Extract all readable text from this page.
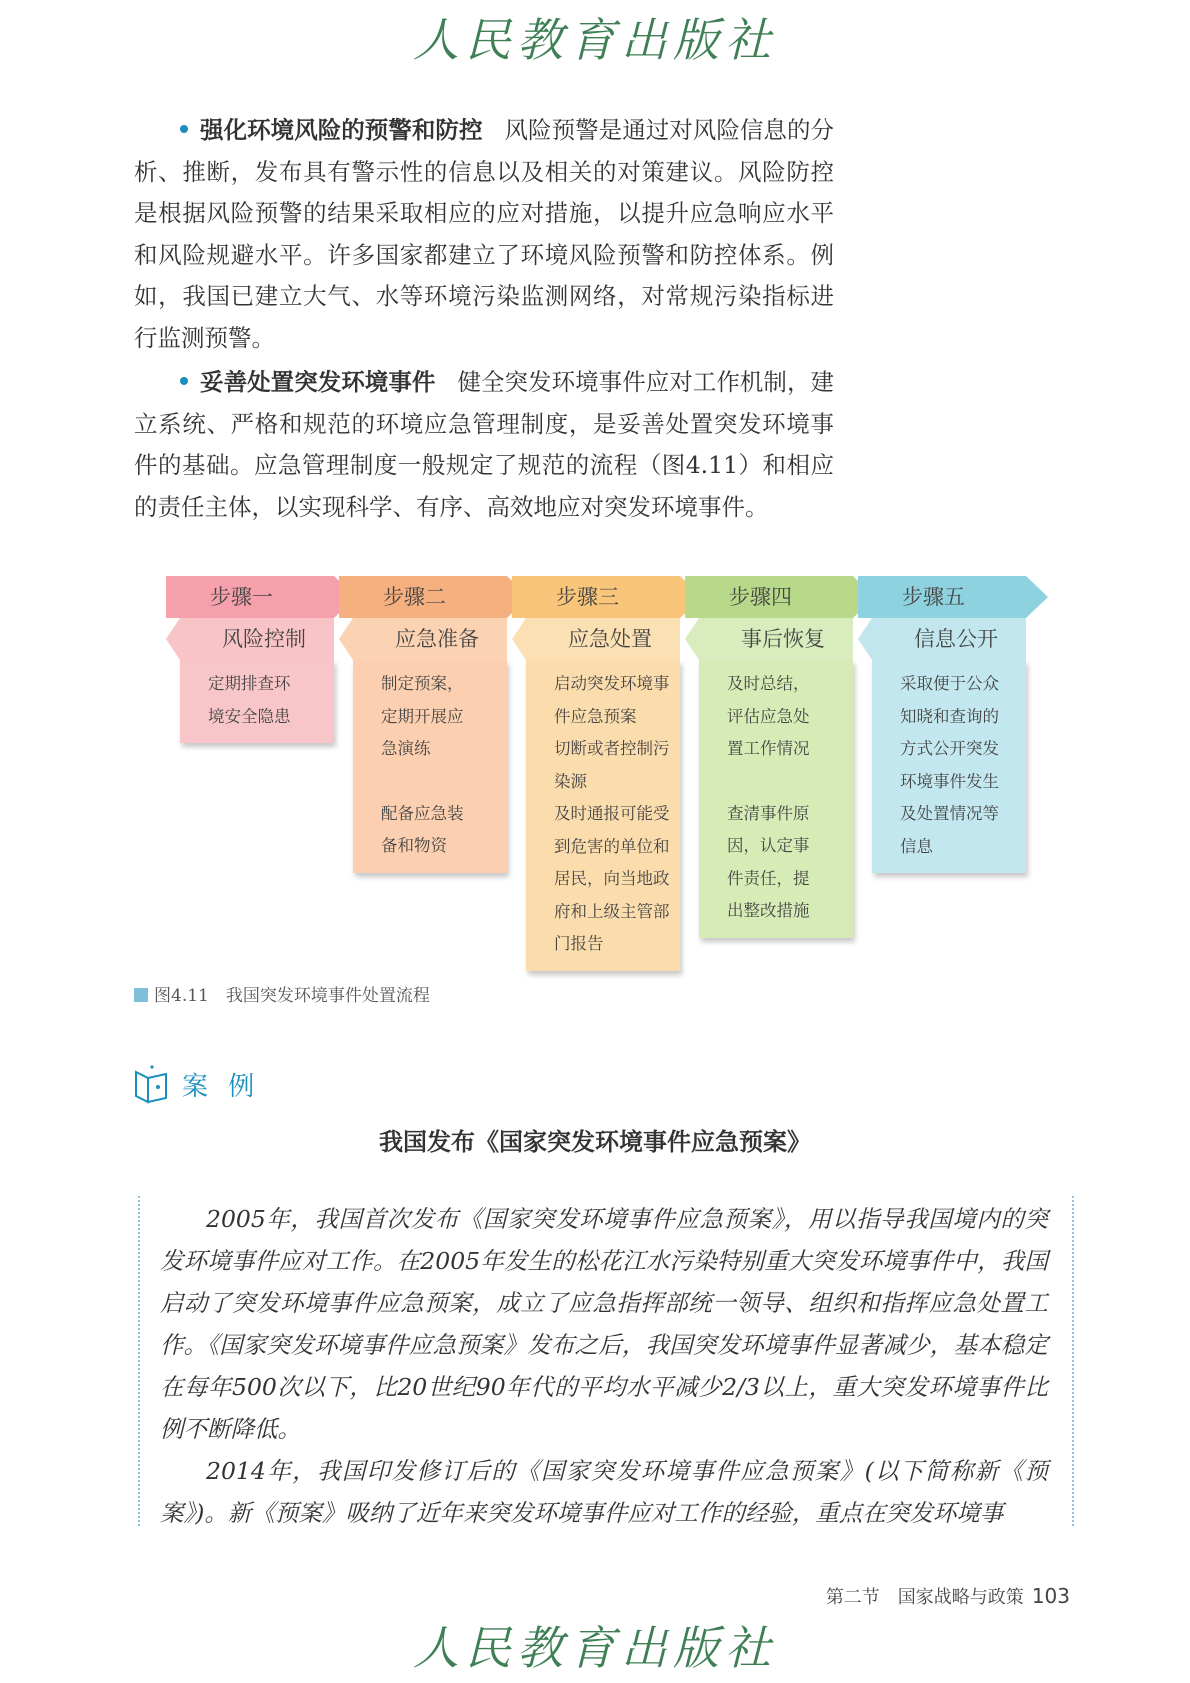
人民教育出版社

强化环境风险的预警和防控 风险预警是通过对风险信息的分析、推断，发布具有警示性的信息以及相关的对策建议。风险防控是根据风险预警的结果采取相应的应对措施，以提升应急响应水平和风险规避水平。许多国家都建立了环境风险预警和防控体系。例如，我国已建立大气、水等环境污染监测网络，对常规污染指标进行监测预警。

妥善处置突发环境事件 健全突发环境事件应对工作机制，建立系统、严格和规范的环境应急管理制度，是妥善处置突发环境事件的基础。应急管理制度一般规定了规范的流程（图4.11）和相应的责任主体，以实现科学、有序、高效地应对突发环境事件。

步骤一
风险控制
定期排查环
境安全隐患
步骤二
应急准备
制定预案，
定期开展应
急演练
配备应急装
备和物资
步骤三
应急处置
启动突发环境事
件应急预案
切断或者控制污
染源
及时通报可能受
到危害的单位和
居民，向当地政
府和上级主管部
门报告
步骤四
事后恢复
及时总结，
评估应急处
置工作情况
查清事件原
因，认定事
件责任，提
出整改措施
步骤五
信息公开
采取便于公众
知晓和查询的
方式公开突发
环境事件发生
及处置情况等
信息
图4.11　我国突发环境事件处置流程
案 例
我国发布《国家突发环境事件应急预案》

2005年，我国首次发布《国家突发环境事件应急预案》，用以指导我国境内的突发环境事件应对工作。在2005年发生的松花江水污染特别重大突发环境事件中，我国启动了突发环境事件应急预案，成立了应急指挥部统一领导、组织和指挥应急处置工作。《国家突发环境事件应急预案》发布之后，我国突发环境事件显著减少，基本稳定在每年500次以下，比20世纪90年代的平均水平减少2/3以上，重大突发环境事件比例不断降低。

2014年，我国印发修订后的《国家突发环境事件应急预案》(以下简称新《预案》)。新《预案》吸纳了近年来突发环境事件应对工作的经验，重点在突发环境事

第二节　国家战略与政策 103
人民教育出版社
